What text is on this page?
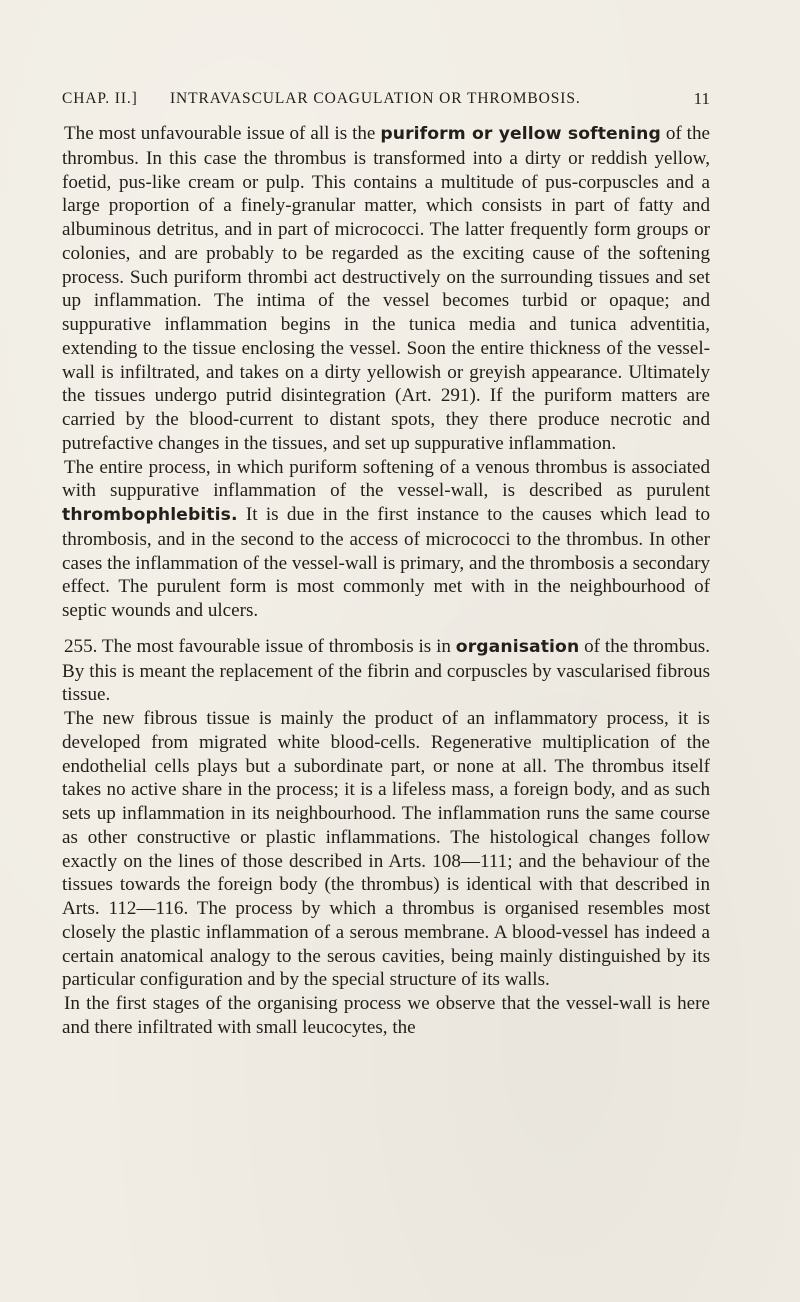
CHAP. II.] INTRAVASCULAR COAGULATION OR THROMBOSIS.	11

The most unfavourable issue of all is the puriform or yellow softening of the thrombus. In this case the thrombus is transformed into a dirty or reddish yellow, foetid, pus-like cream or pulp. This contains a multitude of pus-corpuscles and a large proportion of a finely-granular matter, which consists in part of fatty and albuminous detritus, and in part of micrococci. The latter frequently form groups or colonies, and are probably to be regarded as the exciting cause of the softening process. Such puriform thrombi act destructively on the surrounding tissues and set up inflammation. The intima of the vessel becomes turbid or opaque; and suppurative inflammation begins in the tunica media and tunica adventitia, extending to the tissue enclosing the vessel. Soon the entire thickness of the vessel-wall is infiltrated, and takes on a dirty yellowish or greyish appearance. Ultimately the tissues undergo putrid disintegration (Art. 291). If the puriform matters are carried by the blood-current to distant spots, they there produce necrotic and putrefactive changes in the tissues, and set up suppurative inflammation.

The entire process, in which puriform softening of a venous thrombus is associated with suppurative inflammation of the vessel-wall, is described as purulent thrombophlebitis. It is due in the first instance to the causes which lead to thrombosis, and in the second to the access of micrococci to the thrombus. In other cases the inflammation of the vessel-wall is primary, and the thrombosis a secondary effect. The purulent form is most commonly met with in the neighbourhood of septic wounds and ulcers.

255. The most favourable issue of thrombosis is in organisation of the thrombus. By this is meant the replacement of the fibrin and corpuscles by vascularised fibrous tissue.

The new fibrous tissue is mainly the product of an inflammatory process, it is developed from migrated white blood-cells. Regenerative multiplication of the endothelial cells plays but a subordinate part, or none at all. The thrombus itself takes no active share in the process; it is a lifeless mass, a foreign body, and as such sets up inflammation in its neighbourhood. The inflammation runs the same course as other constructive or plastic inflammations. The histological changes follow exactly on the lines of those described in Arts. 108—111; and the behaviour of the tissues towards the foreign body (the thrombus) is identical with that described in Arts. 112—116. The process by which a thrombus is organised resembles most closely the plastic inflammation of a serous membrane. A blood-vessel has indeed a certain anatomical analogy to the serous cavities, being mainly distinguished by its particular configuration and by the special structure of its walls.

In the first stages of the organising process we observe that the vessel-wall is here and there infiltrated with small leucocytes, the
